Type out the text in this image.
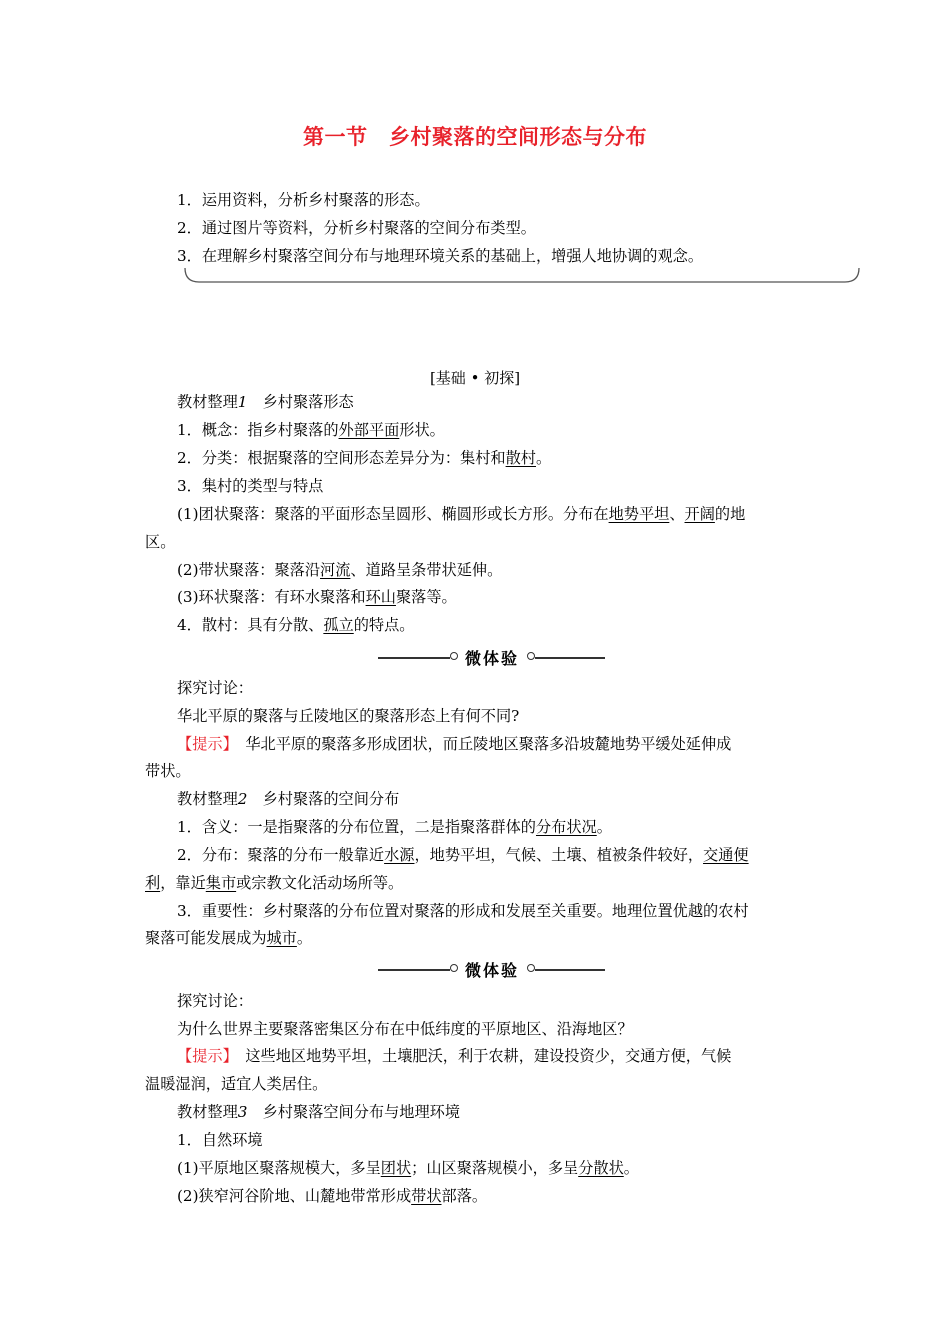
第一节　乡村聚落的空间形态与分布
1．运用资料，分析乡村聚落的形态。
2．通过图片等资料，分析乡村聚落的空间分布类型。
3．在理解乡村聚落空间分布与地理环境关系的基础上，增强人地协调的观念。
[基础 • 初探]
教材整理1　 乡村聚落形态
1．概念：指乡村聚落的外部平面形状。
2．分类：根据聚落的空间形态差异分为：集村和散村。
3．集村的类型与特点
(1)团状聚落：聚落的平面形态呈圆形、椭圆形或长方形。分布在地势平坦、开阔的地
区。
(2)带状聚落：聚落沿河流、道路呈条带状延伸。
(3)环状聚落：有环水聚落和环山聚落等。
4．散村：具有分散、孤立的特点。
微体验
探究讨论：
华北平原的聚落与丘陵地区的聚落形态上有何不同?
【提示】　 华北平原的聚落多形成团状，而丘陵地区聚落多沿坡麓地势平缓处延伸成
带状。
教材整理2　 乡村聚落的空间分布
1．含义：一是指聚落的分布位置，二是指聚落群体的分布状况。
2．分布：聚落的分布一般靠近水源，地势平坦，气候、土壤、植被条件较好，交通便
利，靠近集市或宗教文化活动场所等。
3．重要性：乡村聚落的分布位置对聚落的形成和发展至关重要。地理位置优越的农村
聚落可能发展成为城市。
微体验
探究讨论：
为什么世界主要聚落密集区分布在中低纬度的平原地区、沿海地区？
【提示】　 这些地区地势平坦，土壤肥沃，利于农耕，建设投资少，交通方便，气候
温暖湿润，适宜人类居住。
教材整理3　 乡村聚落空间分布与地理环境
1．自然环境
(1)平原地区聚落规模大，多呈团状；山区聚落规模小，多呈分散状。
(2)狭窄河谷阶地、山麓地带常形成带状部落。
